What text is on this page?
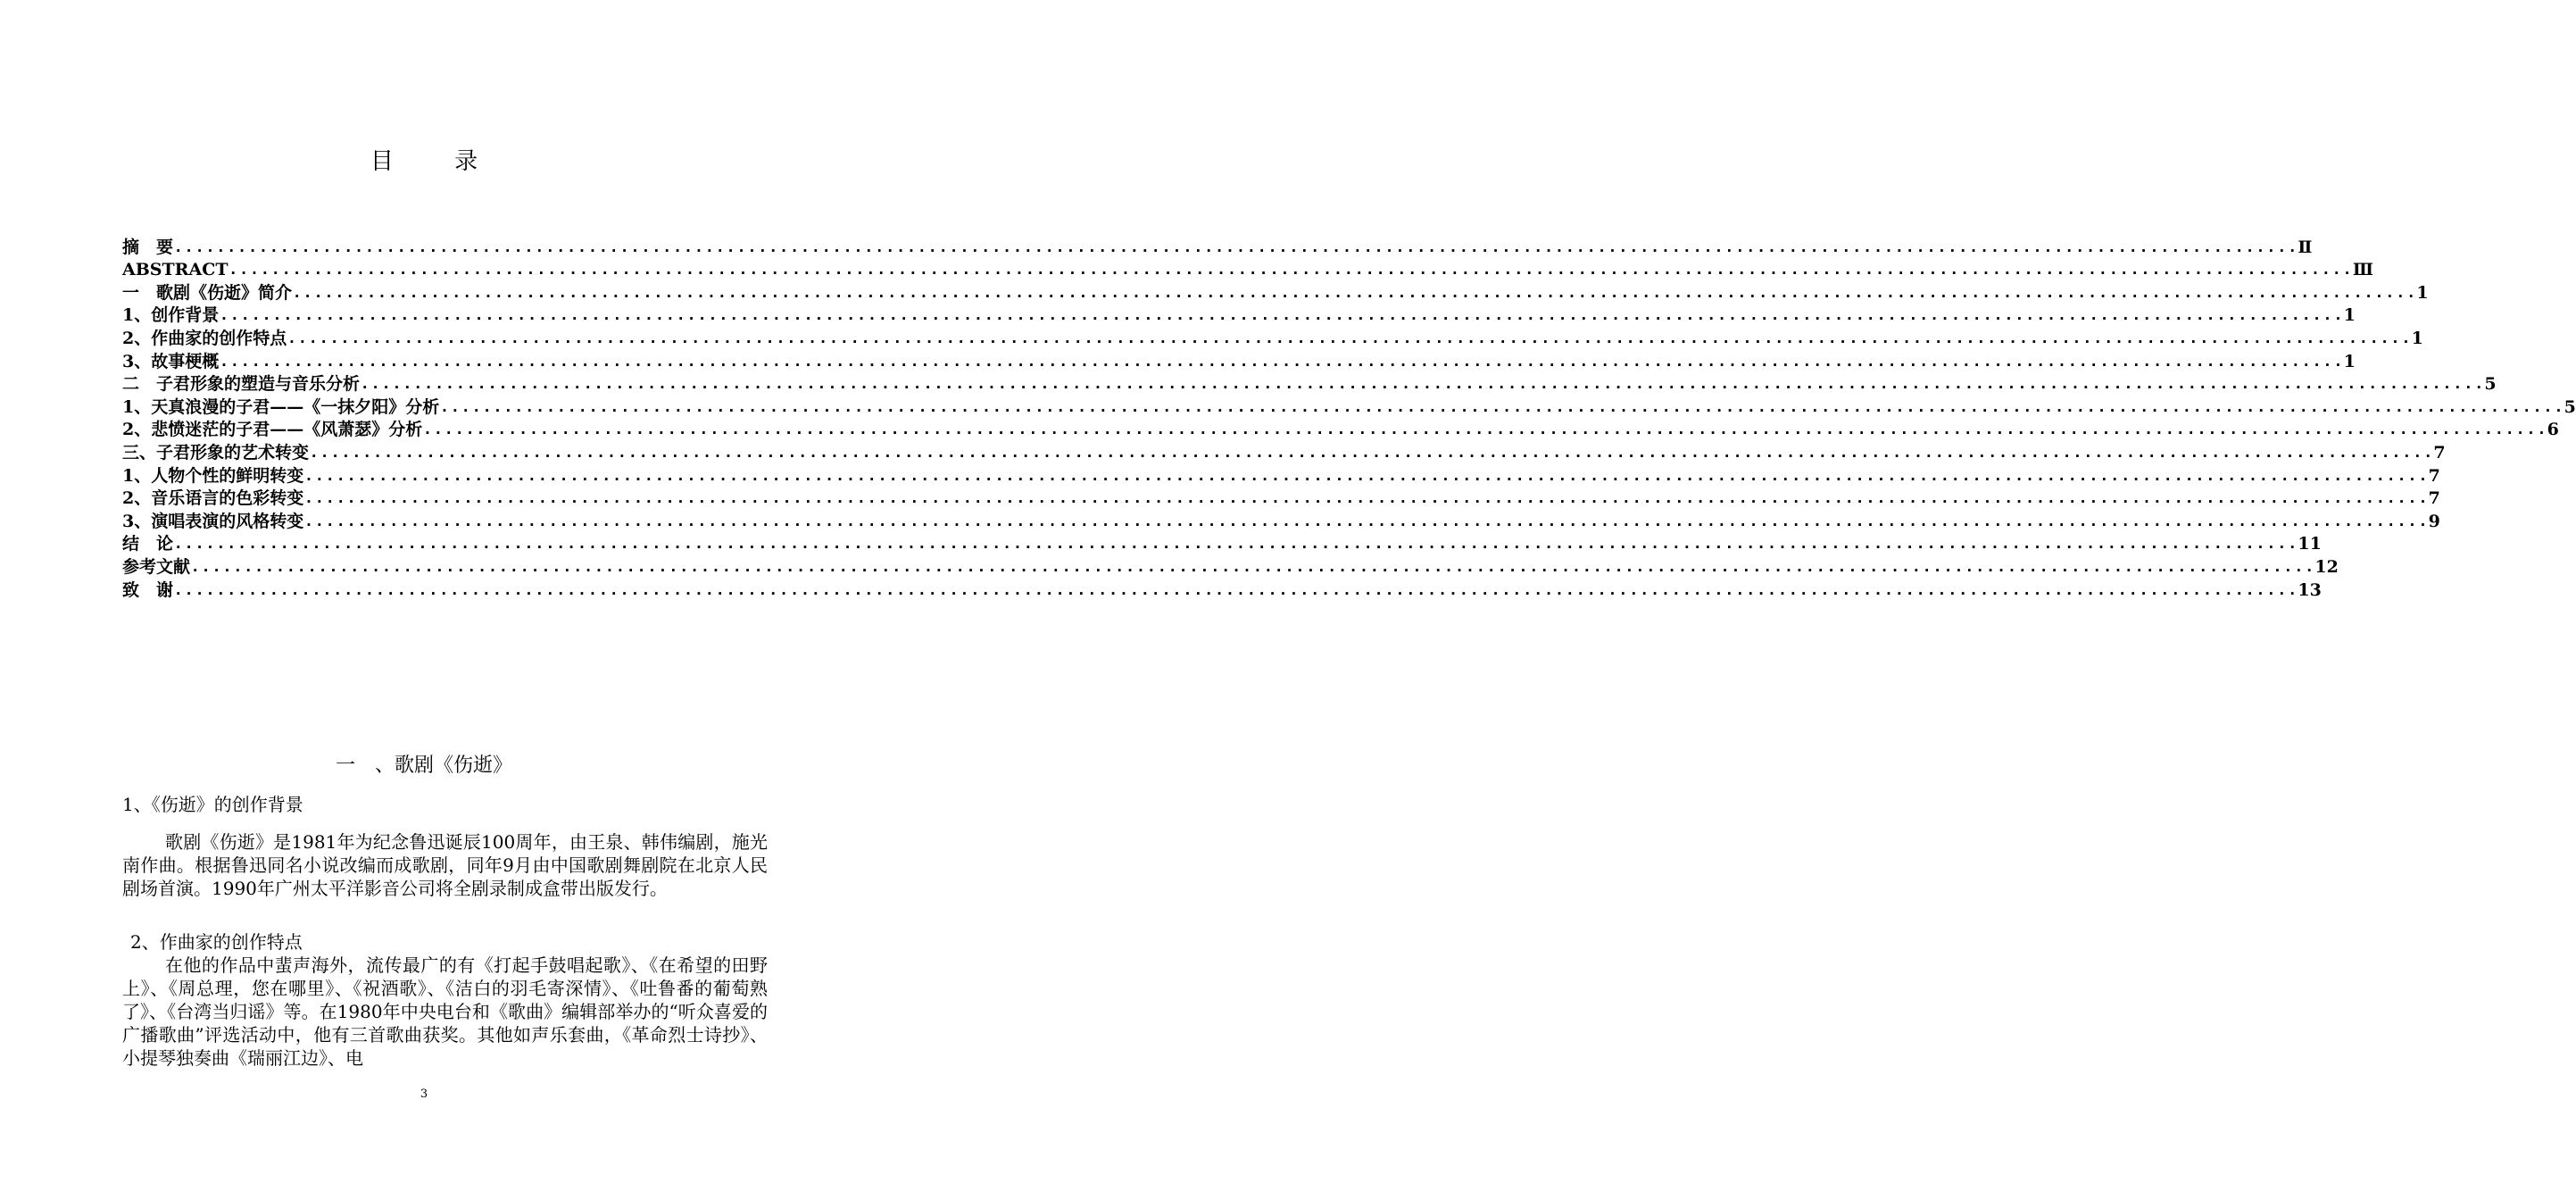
目 录
摘　要 ........................................................................................................................................................................................................ Ⅱ
ABSTRACT ........................................................................................................................................................................................................ Ⅲ
一　歌剧《伤逝》简介 ........................................................................................................................................................................................................ 1
1、创作背景 ........................................................................................................................................................................................................ 1
2、作曲家的创作特点 ........................................................................................................................................................................................................ 1
3、故事梗概 ........................................................................................................................................................................................................ 1
二　子君形象的塑造与音乐分析 ........................................................................................................................................................................................................ 5
1、天真浪漫的子君——《一抹夕阳》分析 ........................................................................................................................................................................................................ 5
2、悲愤迷茫的子君——《风萧瑟》分析 ........................................................................................................................................................................................................ 6
三、子君形象的艺术转变 ........................................................................................................................................................................................................ 7
1、人物个性的鲜明转变 ........................................................................................................................................................................................................ 7
2、音乐语言的色彩转变 ........................................................................................................................................................................................................ 7
3、演唱表演的风格转变 ........................................................................................................................................................................................................ 9
结　论 ........................................................................................................................................................................................................ 11
参考文献 ........................................................................................................................................................................................................ 12
致　谢 ........................................................................................................................................................................................................ 13
一　、歌剧《伤逝》
1、《伤逝》的创作背景
歌剧《伤逝》是1981年为纪念鲁迅诞辰100周年，由王泉、韩伟编剧，施光南作曲。根据鲁迅同名小说改编而成歌剧，同年9月由中国歌剧舞剧院在北京人民剧场首演。1990年广州太平洋影音公司将全剧录制成盒带出版发行。
2、作曲家的创作特点
在他的作品中蜚声海外，流传最广的有《打起手鼓唱起歌》、《在希望的田野上》、《周总理，您在哪里》、《祝酒歌》、《洁白的羽毛寄深情》、《吐鲁番的葡萄熟了》、《台湾当归谣》等。在1980年中央电台和《歌曲》编辑部举办的“听众喜爱的广播歌曲”评选活动中，他有三首歌曲获奖。其他如声乐套曲，《革命烈士诗抄》、小提琴独奏曲《瑞丽江边》、电
3
